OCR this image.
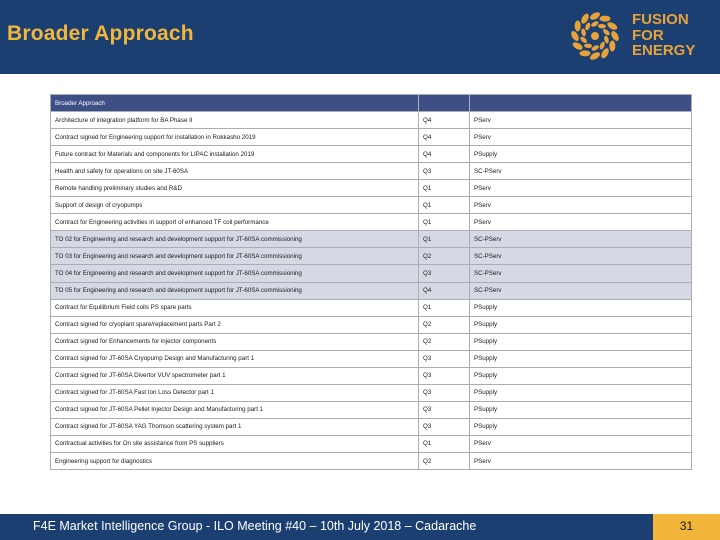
Broader Approach
FUSION
FOR
ENERGY
Broader Approach		
Architecture of integration platform for BA Phase II	Q4	PServ
Contract signed for Engineering support for installation in Rokkasho 2019	Q4	PServ
Future contract for Materials and components for LIPAC installation 2019	Q4	PSupply
Health and safety for operations on site JT-60SA	Q3	SC-PServ
Remote handling preliminary studies and R&D	Q1	PServ
Support of design of cryopumps	Q1	PServ
Contract for Engineering activities in support of enhanced TF coil performance	Q1	PServ
TO 02 for Engineering and research and development support for JT-60SA commissioning	Q1	SC-PServ
TO 03 for Engineering and research and development support for JT-60SA commissioning	Q2	SC-PServ
TO 04 for Engineering and research and development support for JT-60SA commissioning	Q3	SC-PServ
TO 05 for Engineering and research and development support for JT-60SA commissioning	Q4	SC-PServ
Contract for Equilibrium Field coils PS spare parts	Q1	PSupply
Contract signed for cryoplant spare/replacement parts Part 2	Q2	PSupply
Contract signed for Enhancements for injector components	Q2	PSupply
Contract signed for JT-60SA Cryopump Design and Manufacturing part 1	Q3	PSupply
Contract signed for JT-60SA Divertor VUV spectrometer part 1	Q3	PSupply
Contract signed for JT-60SA Fast Ion Loss Detector part 1	Q3	PSupply
Contract signed for JT-60SA Pellet Injector Design and Manufacturing part 1	Q3	PSupply
Contract signed for JT-60SA YAG Thomson scattering system part 1	Q3	PSupply
Contractual activities for On site assistance from PS suppliers	Q1	PServ
Engineering support for diagnostics	Q2	PServ
F4E Market Intelligence Group - ILO Meeting #40 – 10th July 2018 – Cadarache	31
